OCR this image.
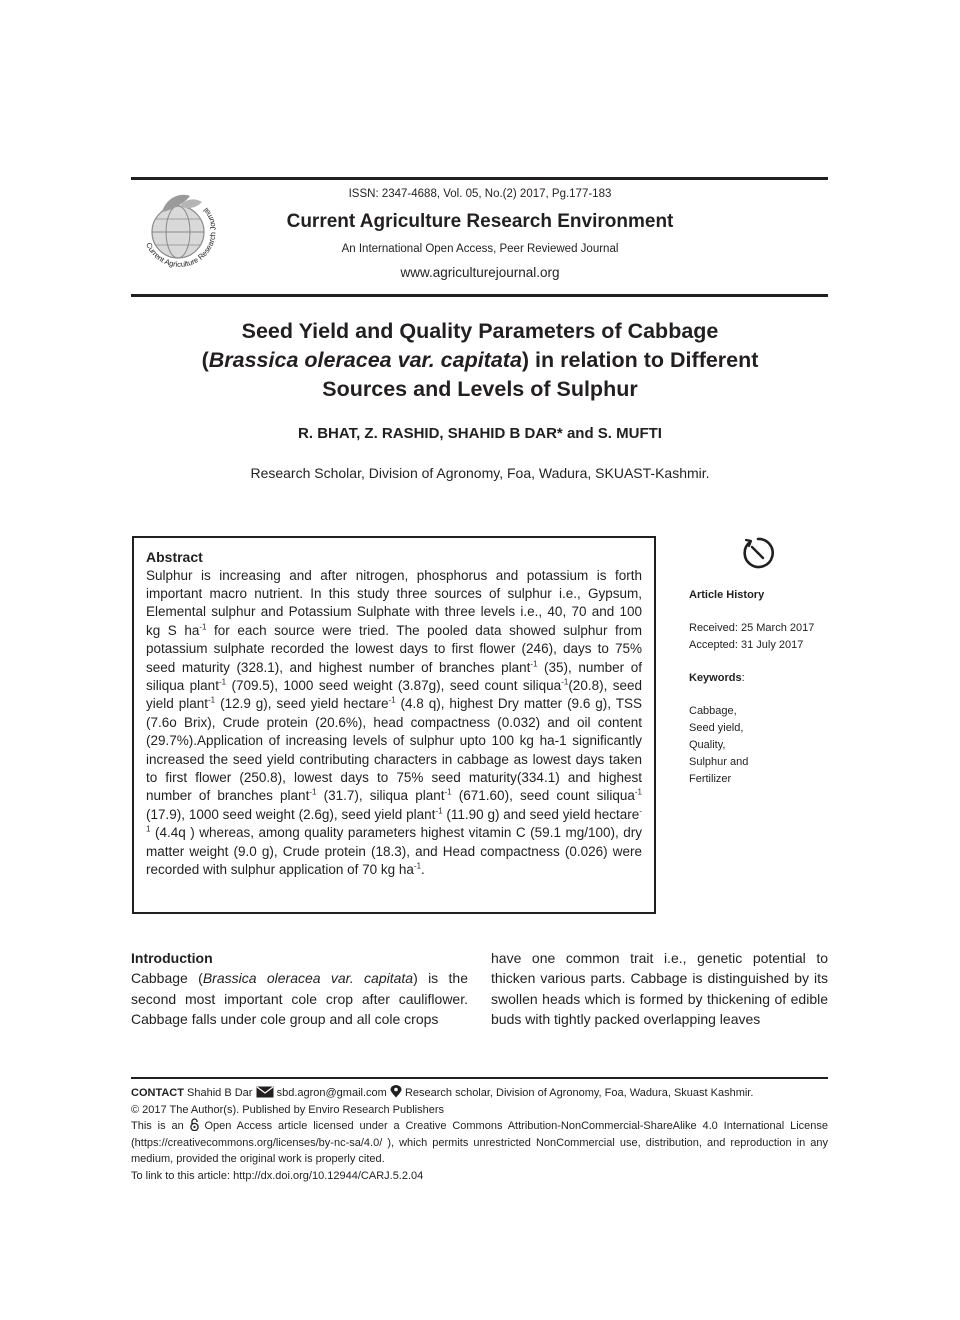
Current Agriculture Research Journal
ISSN: 2347-4688, Vol. 05, No.(2) 2017, Pg.177-183
Current Agriculture Research Environment
An International Open Access, Peer Reviewed Journal
www.agriculturejournal.org
Seed Yield and Quality Parameters of Cabbage
(Brassica oleracea var. capitata) in relation to Different
Sources and Levels of Sulphur
R. BHAT, Z. RASHID, SHAHID B DAR* and S. MUFTI
Research Scholar, Division of Agronomy, Foa, Wadura, SKUAST-Kashmir.
Abstract
Sulphur is increasing and after nitrogen, phosphorus and potassium is forth important macro nutrient. In this study three sources of sulphur i.e., Gypsum, Elemental sulphur and Potassium Sulphate with three levels i.e., 40, 70 and 100 kg S $ha^{-1}$ for each source were tried. The pooled data showed sulphur from potassium sulphate recorded the lowest days to first flower (246), days to 75% seed maturity (328.1), and highest number of branches plant$^{-1}$ (35), number of siliqua plant$^{-1}$ (709.5), 1000 seed weight (3.87g), seed count siliqua$^{-1}$(20.8), seed yield plant$^{-1}$ (12.9 g), seed yield hectare$^{-1}$ (4.8 q), highest Dry matter (9.6 g), TSS (7.6o Brix), Crude protein (20.6%), head compactness (0.032) and oil content (29.7%).Application of increasing levels of sulphur upto 100 kg ha-1 significantly increased the seed yield contributing characters in cabbage as lowest days taken to first flower (250.8), lowest days to 75% seed maturity(334.1) and highest number of branches plant$^{-1}$ (31.7), siliqua plant$^{-1}$ (671.60), seed count siliqua$^{-1}$ (17.9), 1000 seed weight (2.6g), seed yield plant$^{-1}$ (11.90 g) and seed yield hectare$^{-1}$ (4.4q ) whereas, among quality parameters highest vitamin C (59.1 mg/100), dry matter weight (9.0 g), Crude protein (18.3), and Head compactness (0.026) were recorded with sulphur application of 70 kg $ha^{-1}$.
Article History
Received: 25 March 2017
Accepted: 31 July 2017
Keywords:
Cabbage,
Seed yield,
Quality,
Sulphur and
Fertilizer
Introduction
Cabbage (Brassica oleracea var. capitata) is the second most important cole crop after cauliflower. Cabbage falls under cole group and all cole crops
have one common trait i.e., genetic potential to thicken various parts. Cabbage is distinguished by its swollen heads which is formed by thickening of edible buds with tightly packed overlapping leaves
CONTACT Shahid B Dar sbd.agron@gmail.com Research scholar, Division of Agronomy, Foa, Wadura, Skuast Kashmir.
© 2017 The Author(s). Published by Enviro Research Publishers
This is an Open Access article licensed under a Creative Commons Attribution-NonCommercial-ShareAlike 4.0 International License (https://creativecommons.org/licenses/by-nc-sa/4.0/ ), which permits unrestricted NonCommercial use, distribution, and reproduction in any medium, provided the original work is properly cited.
To link to this article: http://dx.doi.org/10.12944/CARJ.5.2.04
